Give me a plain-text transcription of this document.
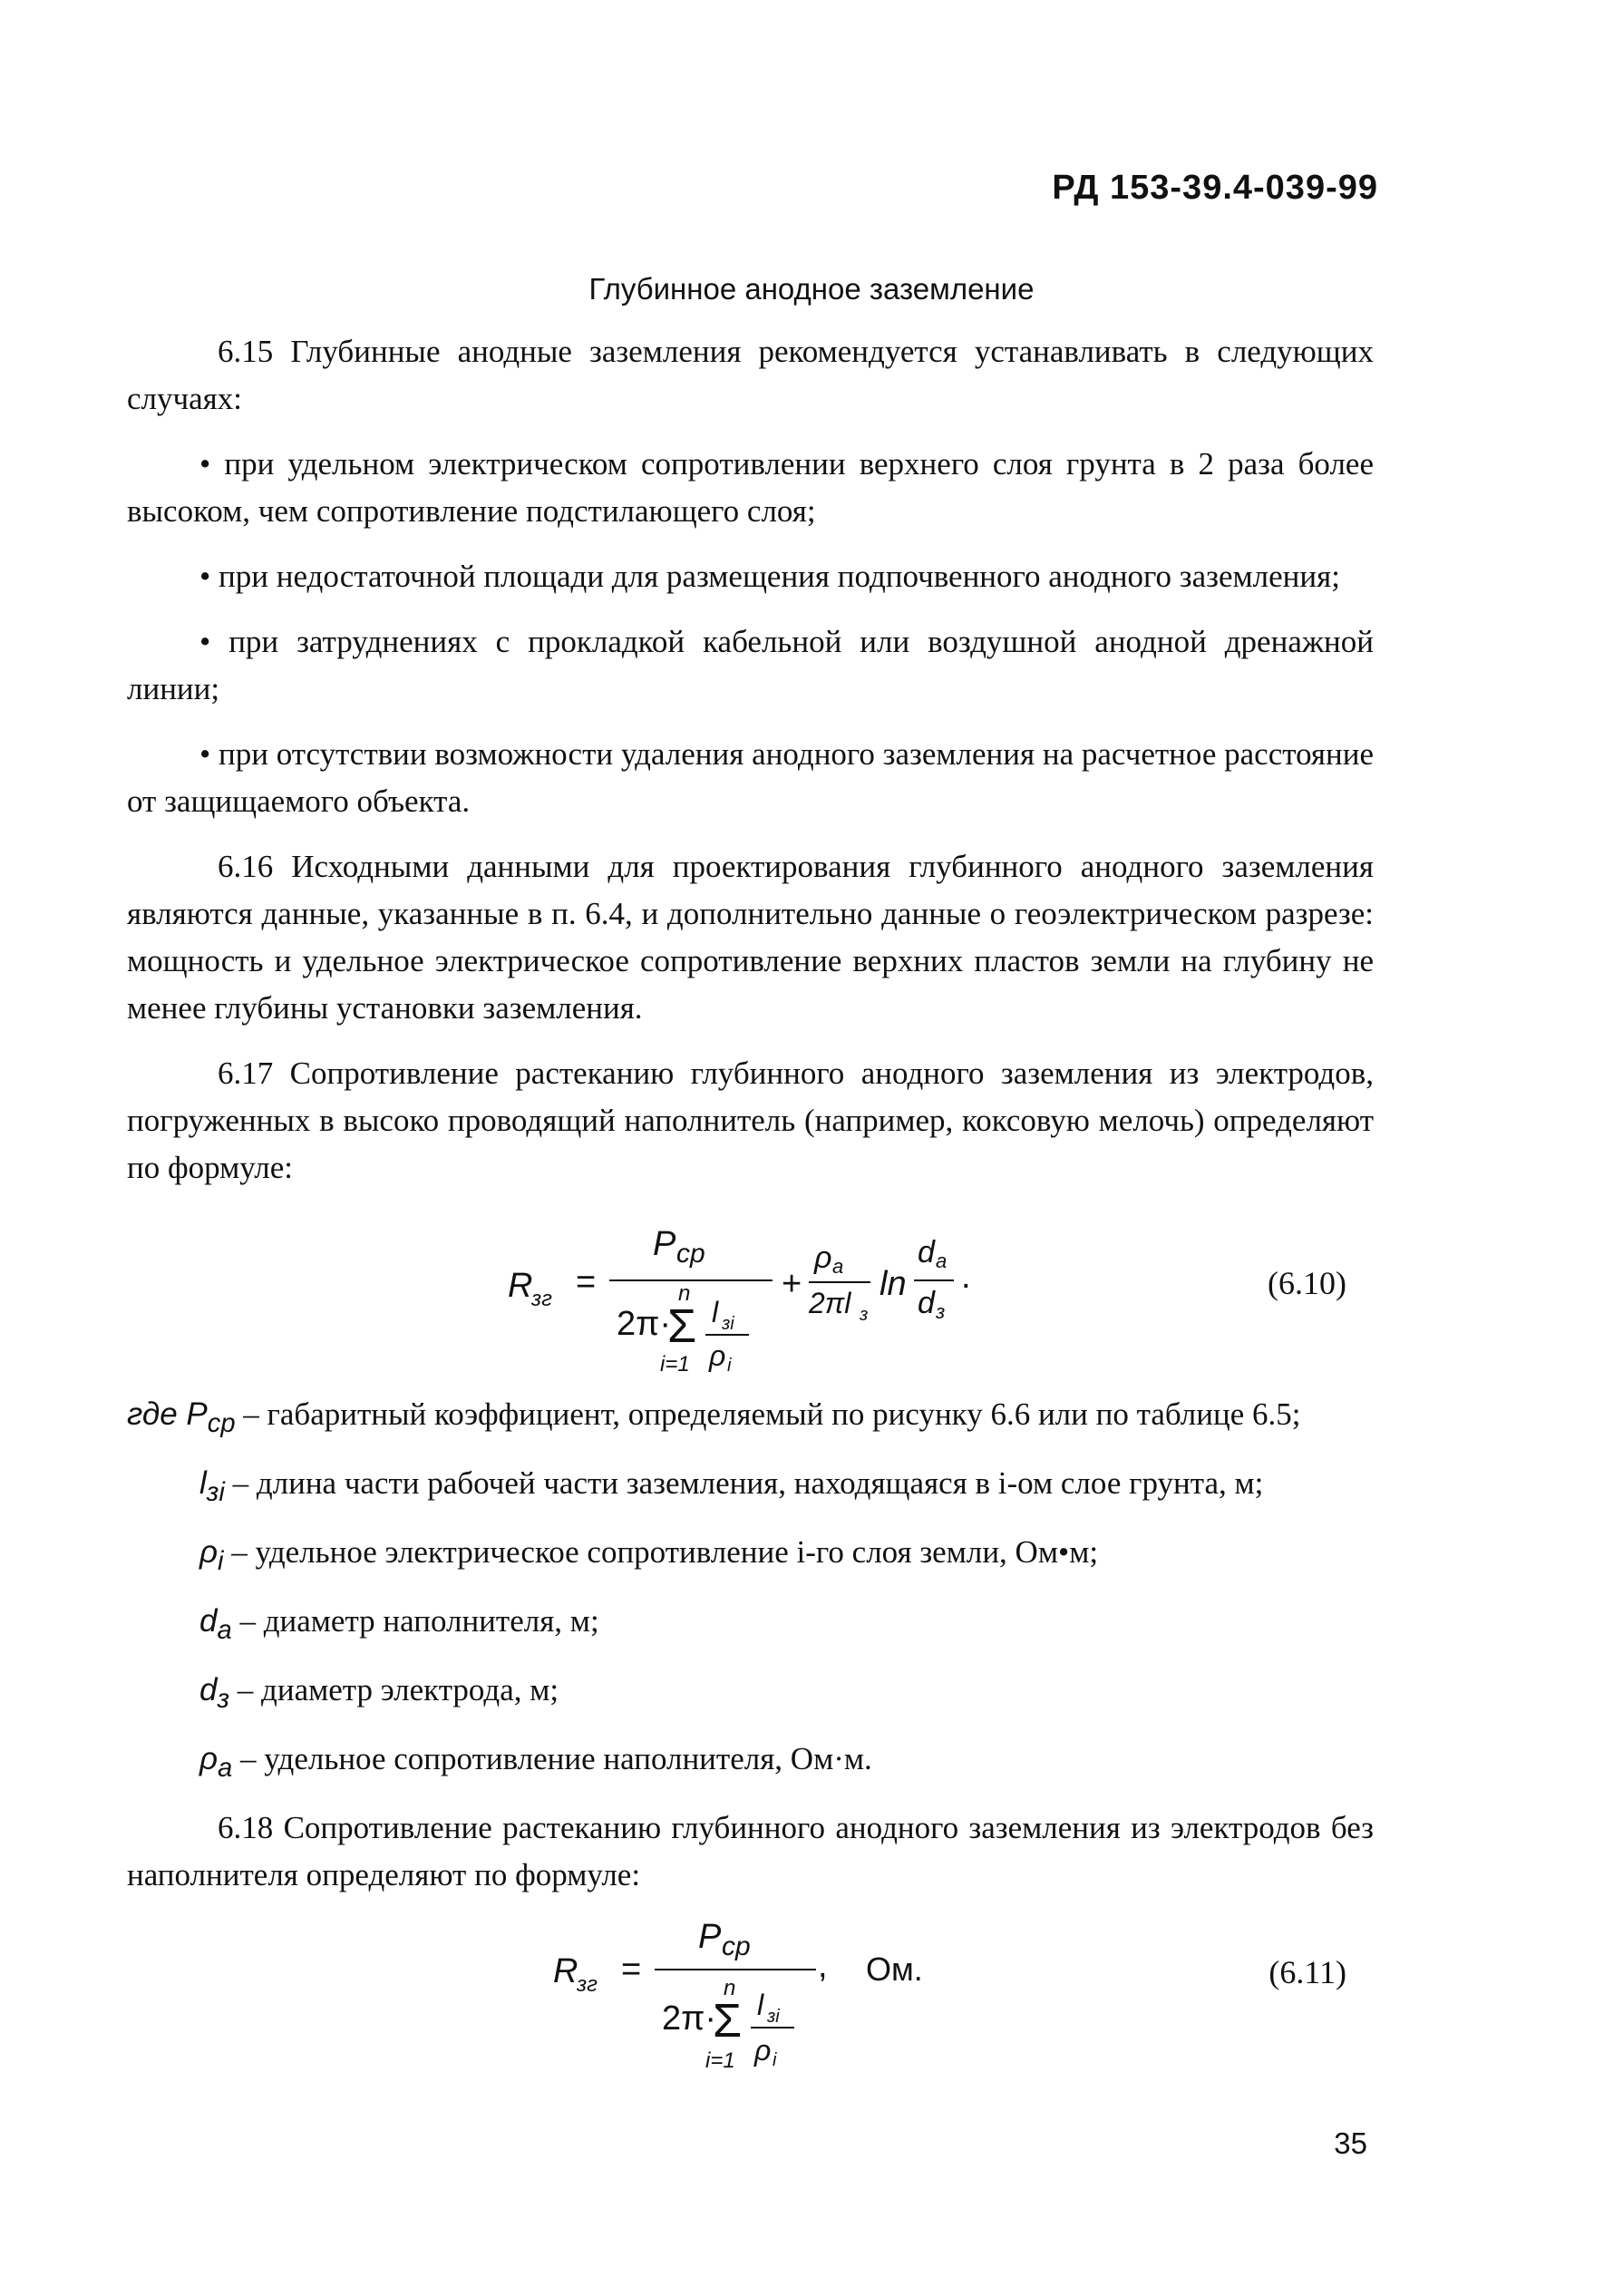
РД 153-39.4-039-99
Глубинное анодное заземление

6.15 Глубинные анодные заземления рекомендуется устанавливать в следующих случаях:

• при удельном электрическом сопротивлении верхнего слоя грунта в 2 раза более высоком, чем сопротивление подстилающего слоя;

• при недостаточной площади для размещения подпочвенного анодного заземления;

• при затруднениях с прокладкой кабельной или воздушной анодной дренажной линии;

• при отсутствии возможности удаления анодного заземления на расчетное расстояние от защищаемого объекта.

6.16 Исходными данными для проектирования глубинного анодного заземления являются данные, указанные в п. 6.4, и дополнительно данные о геоэлектрическом разрезе: мощность и удельное электрическое сопротивление верхних пластов земли на глубину не менее глубины установки заземления.

6.17 Сопротивление растеканию глубинного анодного заземления из электродов, погруженных в высоко проводящий наполнитель (например, коксовую мелочь) определяют по формуле:

R
зг =
P ср
2π·
Σ
n
i=1
l зi
ρ i
+
ρ a
2πl з
ln
d a
d з
.	(6.10)

где $P_{ср}$ – габаритный коэффициент, определяемый по рисунку 6.6 или по таблице 6.5;

$l_{зi}$ – длина части рабочей части заземления, находящаяся в i-ом слое грунта, м;

$\rho_i$ – удельное электрическое сопротивление i-го слоя земли, Ом•м;

$d_a$ – диаметр наполнителя, м;

$d_з$ – диаметр электрода, м;

$\rho_a$ – удельное сопротивление наполнителя, Ом·м.

6.18 Сопротивление растеканию глубинного анодного заземления из электродов без наполнителя определяют по формуле:

R
зг =
P ср
2π·
Σ
n
i=1
l зi
ρ i
, Ом.	(6.11)
35
